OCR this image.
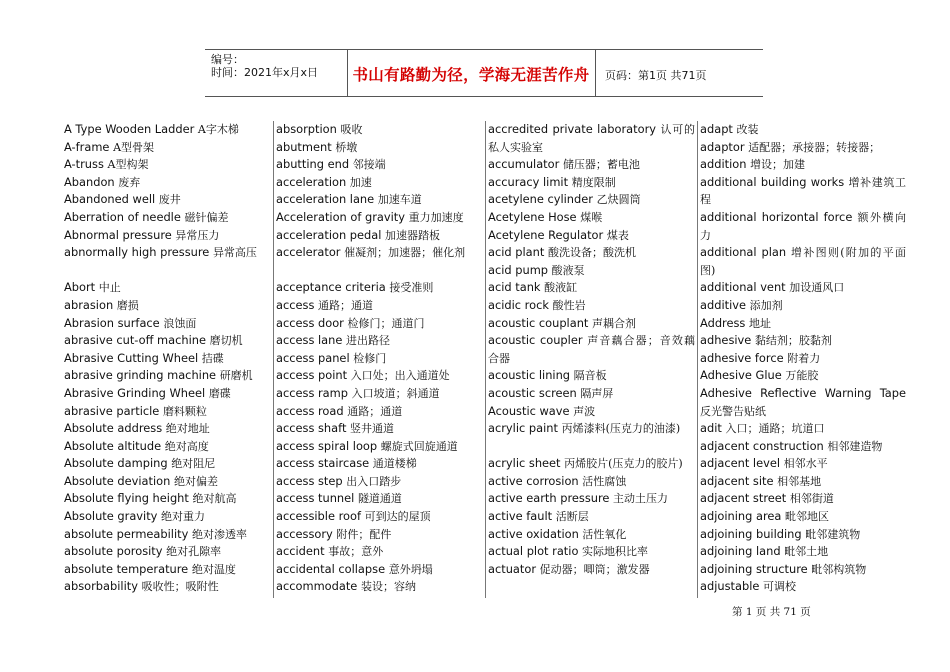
编号：
时间：2021年x月x日	书山有路勤为径，学海无涯苦作舟	页码：第1页 共71页
A Type Wooden Ladder A字木梯
A-frame A型骨架
A-truss A型构架
Abandon 废弃
Abandoned well 废井
Aberration of needle 磁针偏差
Abnormal pressure 异常压力
abnormally high pressure 异常高压
Abort 中止
abrasion 磨损
Abrasion surface 浪蚀面
abrasive cut-off machine 磨切机
Abrasive Cutting Wheel 拮碟
abrasive grinding machine 研磨机
Abrasive Grinding Wheel 磨碟
abrasive particle 磨料颗粒
Absolute address 绝对地址
Absolute altitude 绝对高度
Absolute damping 绝对阻尼
Absolute deviation 绝对偏差
Absolute flying height 绝对航高
Absolute gravity 绝对重力
absolute permeability 绝对渗透率
absolute porosity 绝对孔隙率
absolute temperature 绝对温度
absorbability 吸收性；吸附性
absorption 吸收
abutment 桥墩
abutting end 邻接端
acceleration 加速
acceleration lane 加速车道
Acceleration of gravity 重力加速度
acceleration pedal 加速器踏板
accelerator 催凝剂；加速器；催化剂
acceptance criteria 接受准则
access 通路；通道
access door 检修门；通道门
access lane 进出路径
access panel 检修门
access point 入口处；出入通道处
access ramp 入口坡道；斜通道
access road 通路；通道
access shaft 竖井通道
access spiral loop 螺旋式回旋通道
access staircase 通道楼梯
access step 出入口踏步
access tunnel 隧道通道
accessible roof 可到达的屋顶
accessory 附件；配件
accident 事故；意外
accidental collapse 意外坍塌
accommodate 装设；容纳
accredited private laboratory 认可的私人实验室
accumulator 储压器；蓄电池
accuracy limit 精度限制
acetylene cylinder 乙炔圆筒
Acetylene Hose 煤喉
Acetylene Regulator 煤表
acid plant 酸洗设备；酸洗机
acid pump 酸液泵
acid tank 酸液缸
acidic rock 酸性岩
acoustic couplant 声耦合剂
acoustic coupler 声音藕合器；音效藕合器
acoustic lining 隔音板
acoustic screen 隔声屏
Acoustic wave 声波
acrylic paint 丙烯漆料(压克力的油漆)
acrylic sheet 丙烯胶片(压克力的胶片)
active corrosion 活性腐蚀
active earth pressure 主动土压力
active fault 活断层
active oxidation 活性氧化
actual plot ratio 实际地积比率
actuator 促动器；唧筒；激发器
adapt 改装
adaptor 适配器；承接器；转接器；
addition 增设；加建
additional building works 增补建筑工程
additional horizontal force 额外横向力
additional plan 增补图则(附加的平面图)
additional vent 加设通风口
additive 添加剂
Address 地址
adhesive 黏结剂；胶黏剂
adhesive force 附着力
Adhesive Glue 万能胶
Adhesive Reflective Warning Tape 反光警告贴纸
adit 入口；通路；坑道口
adjacent construction 相邻建造物
adjacent level 相邻水平
adjacent site 相邻基地
adjacent street 相邻街道
adjoining area 毗邻地区
adjoining building 毗邻建筑物
adjoining land 毗邻土地
adjoining structure 毗邻构筑物
adjustable 可调校
第 1 页 共 71 页
